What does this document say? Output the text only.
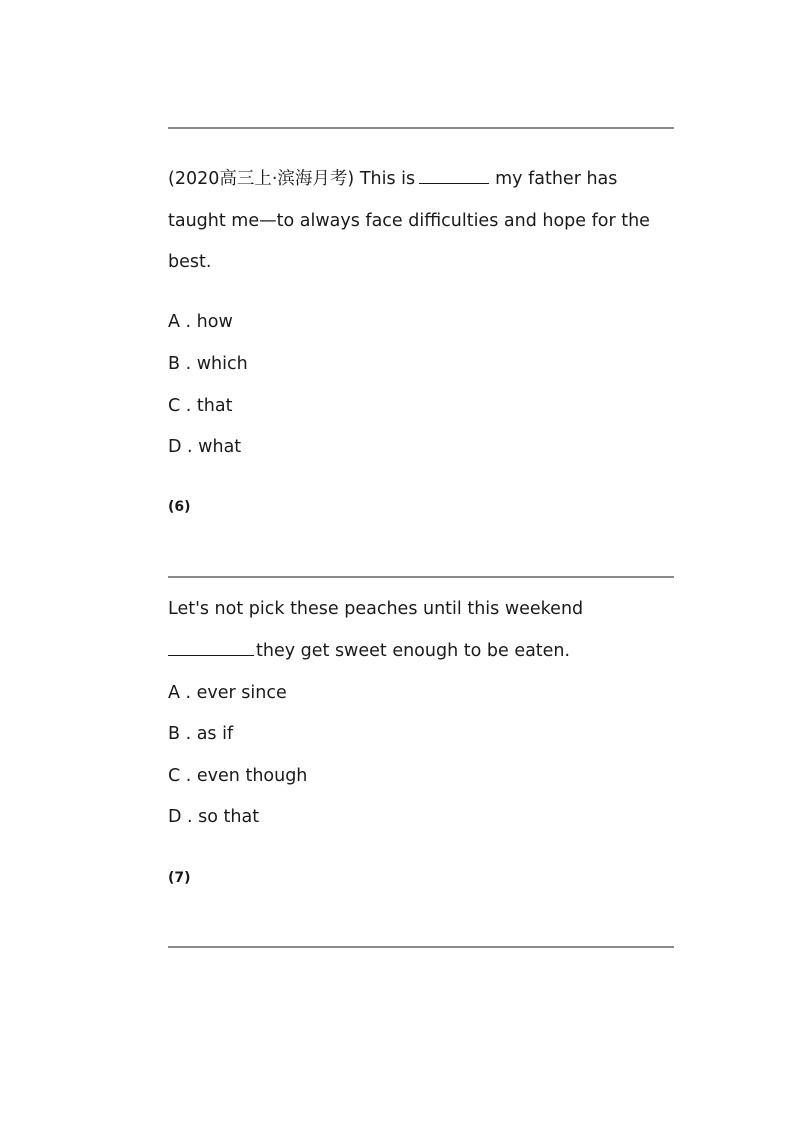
(2020高三上·滨海月考) This is	my father has
taught me—to always face difficulties and hope for the
best.
A . how
B . which
C . that
D . what
(6)
Let's not pick these peaches until this weekend
they get sweet enough to be eaten.
A . ever since
B . as if
C . even though
D . so that
(7)
